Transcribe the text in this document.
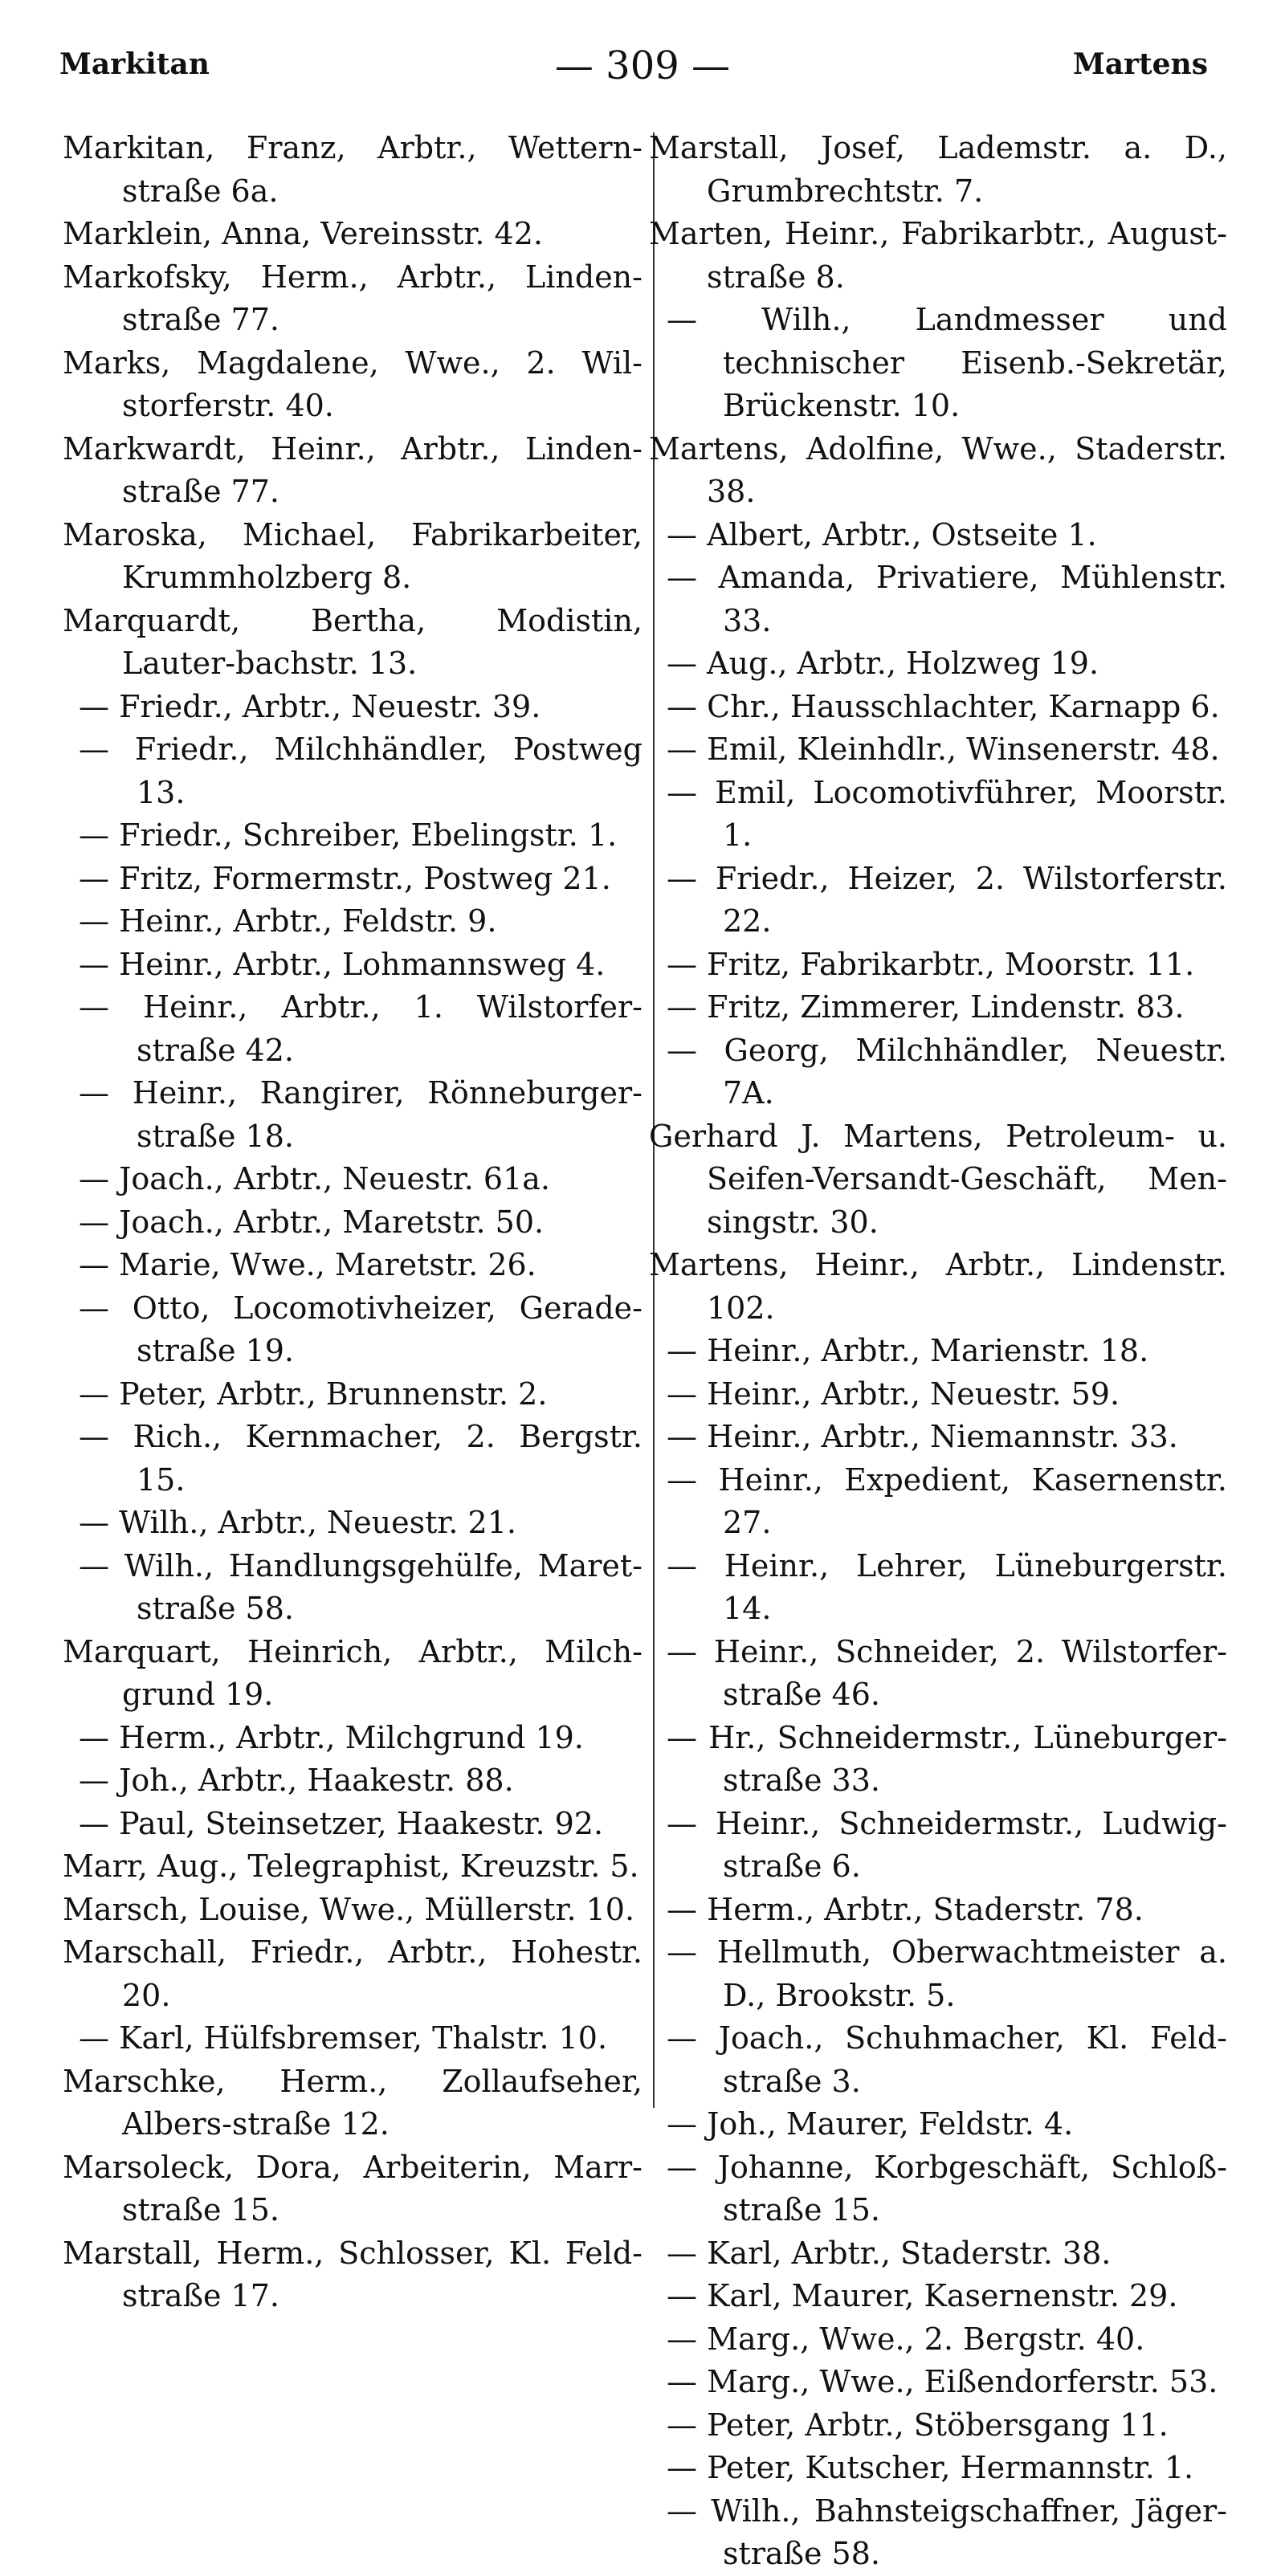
— 309 —
Markitan	Martens
Markitan, Franz, Arbtr., Wettern-straße 6a.
Marklein, Anna, Vereinsstr. 42.
Markofsky, Herm., Arbtr., Linden-straße 77.
Marks, Magdalene, Wwe., 2. Wil-storferstr. 40.
Markwardt, Heinr., Arbtr., Linden-straße 77.
Maroska, Michael, Fabrikarbeiter, Krummholzberg 8.
Marquardt, Bertha, Modistin, Lauter-bachstr. 13.
— Friedr., Arbtr., Neuestr. 39.
— Friedr., Milchhändler, Postweg 13.
— Friedr., Schreiber, Ebelingstr. 1.
— Fritz, Formermstr., Postweg 21.
— Heinr., Arbtr., Feldstr. 9.
— Heinr., Arbtr., Lohmannsweg 4.
— Heinr., Arbtr., 1. Wilstorfer-straße 42.
— Heinr., Rangirer, Rönneburger-straße 18.
— Joach., Arbtr., Neuestr. 61a.
— Joach., Arbtr., Maretstr. 50.
— Marie, Wwe., Maretstr. 26.
— Otto, Locomotivheizer, Gerade-straße 19.
— Peter, Arbtr., Brunnenstr. 2.
— Rich., Kernmacher, 2. Bergstr. 15.
— Wilh., Arbtr., Neuestr. 21.
— Wilh., Handlungsgehülfe, Maret-straße 58.
Marquart, Heinrich, Arbtr., Milch-grund 19.
— Herm., Arbtr., Milchgrund 19.
— Joh., Arbtr., Haakestr. 88.
— Paul, Steinsetzer, Haakestr. 92.
Marr, Aug., Telegraphist, Kreuzstr. 5.
Marsch, Louise, Wwe., Müllerstr. 10.
Marschall, Friedr., Arbtr., Hohestr. 20.
— Karl, Hülfsbremser, Thalstr. 10.
Marschke, Herm., Zollaufseher, Albers-straße 12.
Marsoleck, Dora, Arbeiterin, Marr-straße 15.
Marstall, Herm., Schlosser, Kl. Feld-straße 17.
Marstall, Josef, Lademstr. a. D., Grumbrechtstr. 7.
Marten, Heinr., Fabrikarbtr., August-straße 8.
— Wilh., Landmesser und technischer Eisenb.-Sekretär, Brückenstr. 10.
Martens, Adolfine, Wwe., Staderstr. 38.
— Albert, Arbtr., Ostseite 1.
— Amanda, Privatiere, Mühlenstr. 33.
— Aug., Arbtr., Holzweg 19.
— Chr., Hausschlachter, Karnapp 6.
— Emil, Kleinhdlr., Winsenerstr. 48.
— Emil, Locomotivführer, Moorstr. 1.
— Friedr., Heizer, 2. Wilstorferstr. 22.
— Fritz, Fabrikarbtr., Moorstr. 11.
— Fritz, Zimmerer, Lindenstr. 83.
— Georg, Milchhändler, Neuestr. 7A.
Gerhard J. Martens, Petroleum- u. Seifen-Versandt-Geschäft, Men-singstr. 30.
Martens, Heinr., Arbtr., Lindenstr. 102.
— Heinr., Arbtr., Marienstr. 18.
— Heinr., Arbtr., Neuestr. 59.
— Heinr., Arbtr., Niemannstr. 33.
— Heinr., Expedient, Kasernenstr. 27.
— Heinr., Lehrer, Lüneburgerstr. 14.
— Heinr., Schneider, 2. Wilstorfer-straße 46.
— Hr., Schneidermstr., Lüneburger-straße 33.
— Heinr., Schneidermstr., Ludwig-straße 6.
— Herm., Arbtr., Staderstr. 78.
— Hellmuth, Oberwachtmeister a. D., Brookstr. 5.
— Joach., Schuhmacher, Kl. Feld-straße 3.
— Joh., Maurer, Feldstr. 4.
— Johanne, Korbgeschäft, Schloß-straße 15.
— Karl, Arbtr., Staderstr. 38.
— Karl, Maurer, Kasernenstr. 29.
— Marg., Wwe., 2. Bergstr. 40.
— Marg., Wwe., Eißendorferstr. 53.
— Peter, Arbtr., Stöbersgang 11.
— Peter, Kutscher, Hermannstr. 1.
— Wilh., Bahnsteigschaffner, Jäger-straße 58.
